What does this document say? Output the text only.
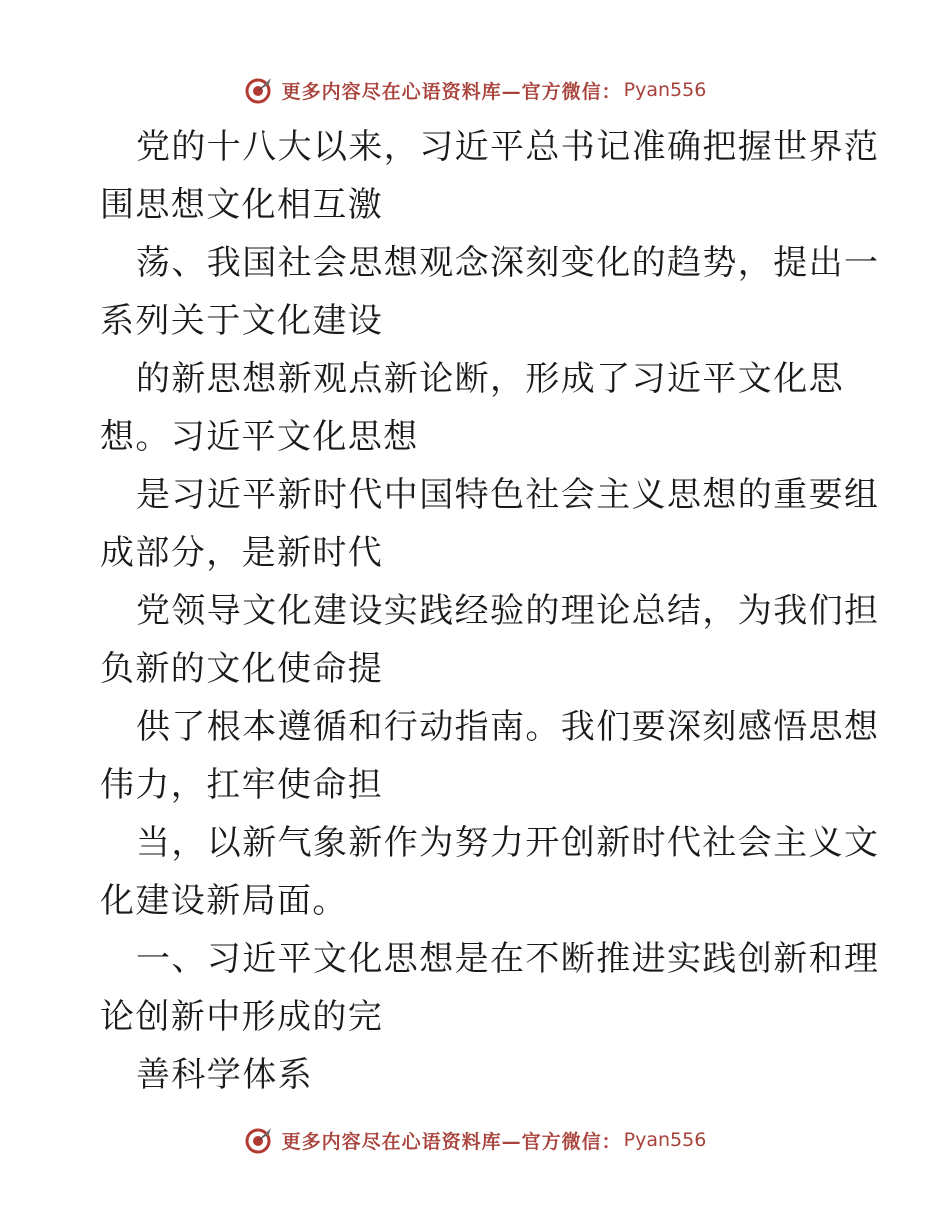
更多内容尽在心语资料库—官方微信： Pyan556
党的十八大以来，习近平总书记准确把握世界范
围思想文化相互激
荡、我国社会思想观念深刻变化的趋势，提出一
系列关于文化建设
的新思想新观点新论断，形成了习近平文化思
想。习近平文化思想
是习近平新时代中国特色社会主义思想的重要组
成部分，是新时代
党领导文化建设实践经验的理论总结，为我们担
负新的文化使命提
供了根本遵循和行动指南。我们要深刻感悟思想
伟力，扛牢使命担
当，以新气象新作为努力开创新时代社会主义文
化建设新局面。
一、习近平文化思想是在不断推进实践创新和理
论创新中形成的完
善科学体系
更多内容尽在心语资料库—官方微信： Pyan556
